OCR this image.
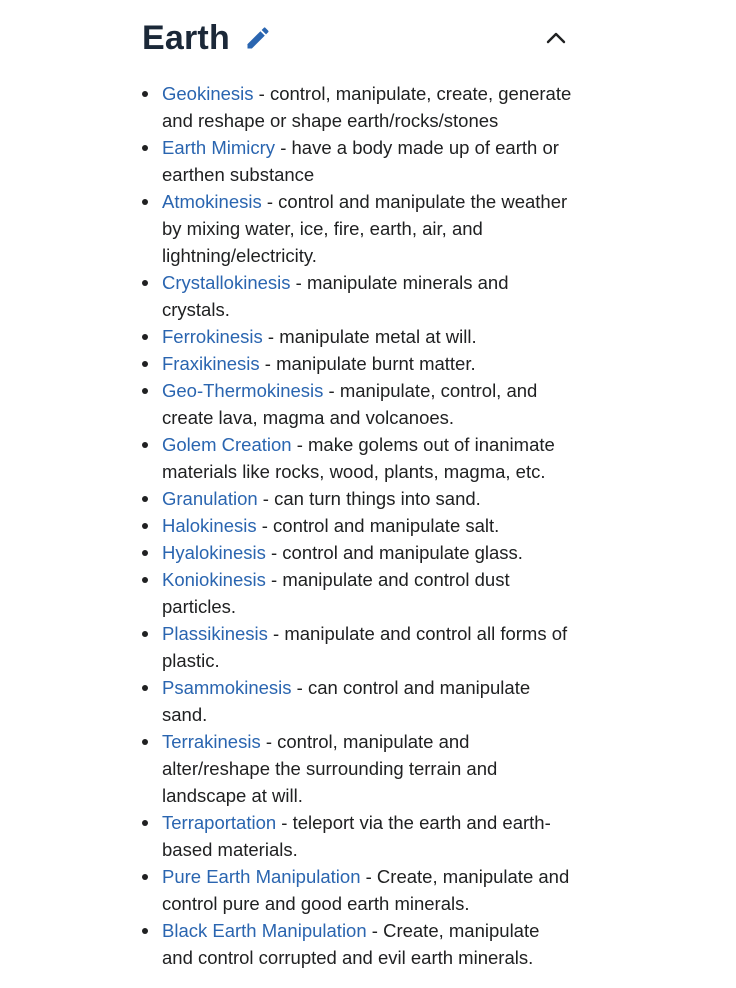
Earth
Geokinesis - control, manipulate, create, generate and reshape or shape earth/rocks/stones
Earth Mimicry - have a body made up of earth or earthen substance
Atmokinesis - control and manipulate the weather by mixing water, ice, fire, earth, air, and lightning/electricity.
Crystallokinesis - manipulate minerals and crystals.
Ferrokinesis - manipulate metal at will.
Fraxikinesis - manipulate burnt matter.
Geo-Thermokinesis - manipulate, control, and create lava, magma and volcanoes.
Golem Creation - make golems out of inanimate materials like rocks, wood, plants, magma, etc.
Granulation - can turn things into sand.
Halokinesis - control and manipulate salt.
Hyalokinesis - control and manipulate glass.
Koniokinesis - manipulate and control dust particles.
Plassikinesis - manipulate and control all forms of plastic.
Psammokinesis - can control and manipulate sand.
Terrakinesis - control, manipulate and alter/reshape the surrounding terrain and landscape at will.
Terraportation - teleport via the earth and earth-based materials.
Pure Earth Manipulation - Create, manipulate and control pure and good earth minerals.
Black Earth Manipulation - Create, manipulate and control corrupted and evil earth minerals.
